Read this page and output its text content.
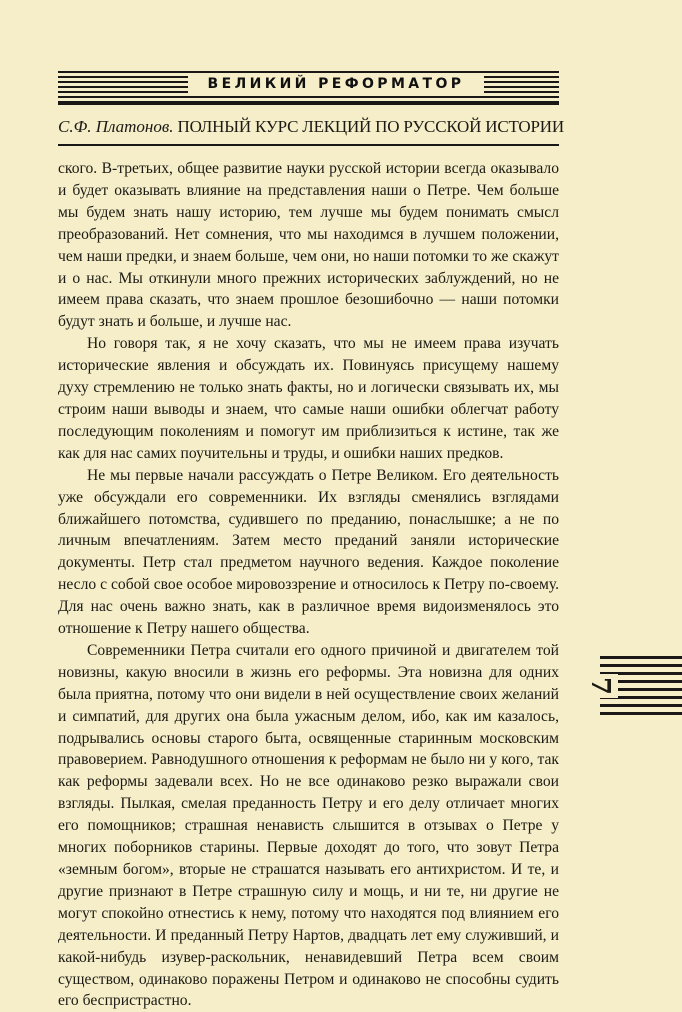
ВЕЛИКИЙ РЕФОРМАТОР
С.Ф. Платонов. ПОЛНЫЙ КУРС ЛЕКЦИЙ ПО РУССКОЙ ИСТОРИИ

ского. В-третьих, общее развитие науки русской истории всегда оказывало и будет оказывать влияние на представления наши о Петре. Чем больше мы будем знать нашу историю, тем лучше мы будем понимать смысл преобразований. Нет сомнения, что мы находимся в лучшем положении, чем наши предки, и знаем больше, чем они, но наши потомки то же скажут и о нас. Мы откинули много прежних исторических заблуждений, но не имеем права сказать, что знаем прошлое безошибочно — наши потомки будут знать и больше, и лучше нас.

Но говоря так, я не хочу сказать, что мы не имеем права изучать исторические явления и обсуждать их. Повинуясь присущему нашему духу стремлению не только знать факты, но и логически связывать их, мы строим наши выводы и знаем, что самые наши ошибки облегчат работу последующим поколениям и помогут им приблизиться к истине, так же как для нас самих поучительны и труды, и ошибки наших предков.

Не мы первые начали рассуждать о Петре Великом. Его деятельность уже обсуждали его современники. Их взгляды сменялись взглядами ближайшего потомства, судившего по преданию, понаслышке; а не по личным впечатлениям. Затем место преданий заняли исторические документы. Петр стал предметом научного ведения. Каждое поколение несло с собой свое особое мировоззрение и относилось к Петру по-своему. Для нас очень важно знать, как в различное время видоизменялось это отношение к Петру нашего общества.

Современники Петра считали его одного причиной и двигателем той новизны, какую вносили в жизнь его реформы. Эта новизна для одних была приятна, потому что они видели в ней осуществление своих желаний и симпатий, для других она была ужасным делом, ибо, как им казалось, подрывались основы старого быта, освященные старинным московским правоверием. Равнодушного отношения к реформам не было ни у кого, так как реформы задевали всех. Но не все одинаково резко выражали свои взгляды. Пылкая, смелая преданность Петру и его делу отличает многих его помощников; страшная ненависть слышится в отзывах о Петре у многих поборников старины. Первые доходят до того, что зовут Петра «земным богом», вторые не страшатся называть его антихристом. И те, и другие признают в Петре страшную силу и мощь, и ни те, ни другие не могут спокойно отнестись к нему, потому что находятся под влиянием его деятельности. И преданный Петру Нартов, двадцать лет ему служивший, и какой-нибудь изувер-раскольник, ненавидевший Петра всем своим существом, одинаково поражены Петром и одинаково не способны судить его беспристрастно.

7
